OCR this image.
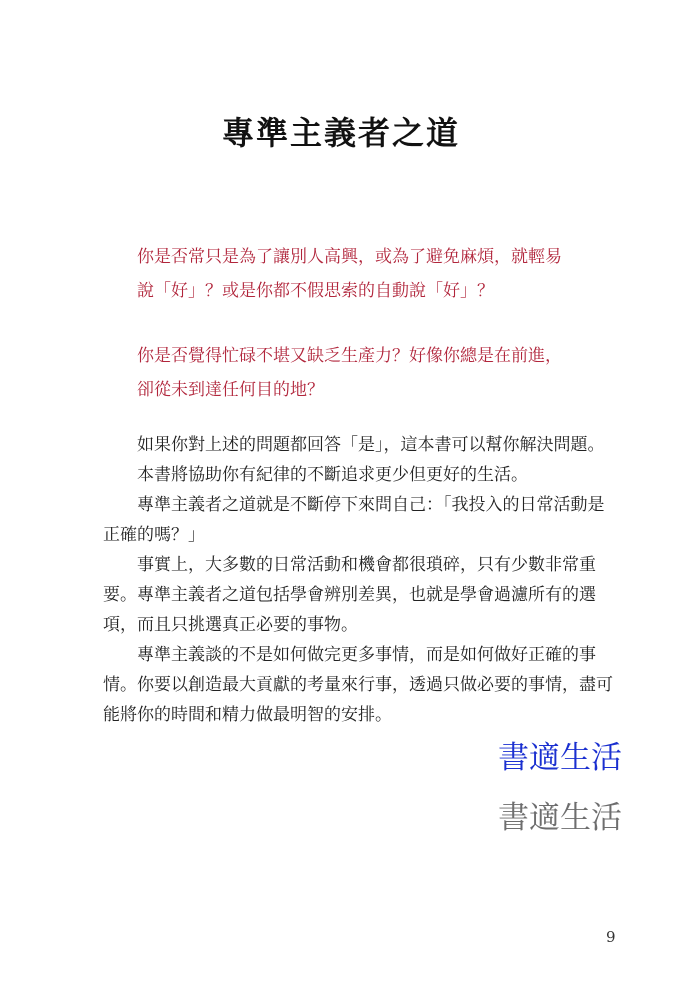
專準主義者之道

你是否常只是為了讓別人高興，或為了避免麻煩，就輕易說「好」？或是你都不假思索的自動說「好」？

你是否覺得忙碌不堪又缺乏生產力？好像你總是在前進，卻從未到達任何目的地？

如果你對上述的問題都回答「是」，這本書可以幫你解決問題。

本書將協助你有紀律的不斷追求更少但更好的生活。

專準主義者之道就是不斷停下來問自己：「我投入的日常活動是正確的嗎？」

事實上，大多數的日常活動和機會都很瑣碎，只有少數非常重要。專準主義者之道包括學會辨別差異，也就是學會過濾所有的選項，而且只挑選真正必要的事物。

專準主義談的不是如何做完更多事情，而是如何做好正確的事情。你要以創造最大貢獻的考量來行事，透過只做必要的事情，盡可能將你的時間和精力做最明智的安排。

書適生活
書適生活
9
